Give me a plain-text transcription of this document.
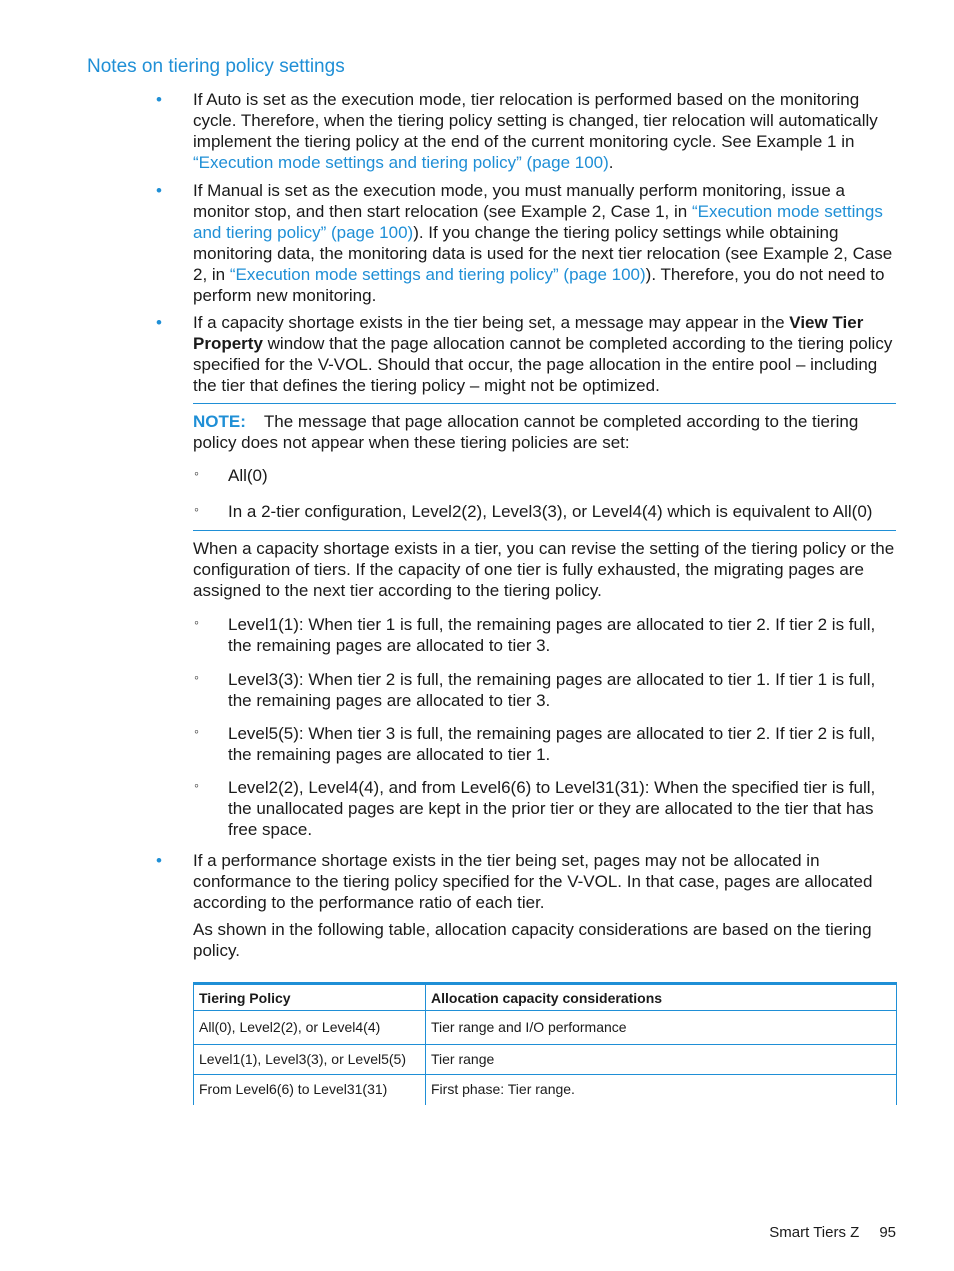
Notes on tiering policy settings
• If Auto is set as the execution mode, tier relocation is performed based on the monitoring cycle. Therefore, when the tiering policy setting is changed, tier relocation will automatically implement the tiering policy at the end of the current monitoring cycle. See Example 1 in “Execution mode settings and tiering policy” (page 100).

• If Manual is set as the execution mode, you must manually perform monitoring, issue a monitor stop, and then start relocation (see Example 2, Case 1, in “Execution mode settings and tiering policy” (page 100)). If you change the tiering policy settings while obtaining monitoring data, the monitoring data is used for the next tier relocation (see Example 2, Case 2, in “Execution mode settings and tiering policy” (page 100)). Therefore, you do not need to perform new monitoring.

• If a capacity shortage exists in the tier being set, a message may appear in the View Tier Property window that the page allocation cannot be completed according to the tiering policy specified for the V-VOL. Should that occur, the page allocation in the entire pool – including the tier that defines the tiering policy – might not be optimized.

NOTE: The message that page allocation cannot be completed according to the tiering policy does not appear when these tiering policies are set:

◦ All(0)
◦ In a 2-tier configuration, Level2(2), Level3(3), or Level4(4) which is equivalent to All(0)

When a capacity shortage exists in a tier, you can revise the setting of the tiering policy or the configuration of tiers. If the capacity of one tier is fully exhausted, the migrating pages are assigned to the next tier according to the tiering policy.

◦ Level1(1): When tier 1 is full, the remaining pages are allocated to tier 2. If tier 2 is full, the remaining pages are allocated to tier 3.
◦ Level3(3): When tier 2 is full, the remaining pages are allocated to tier 1. If tier 1 is full, the remaining pages are allocated to tier 3.
◦ Level5(5): When tier 3 is full, the remaining pages are allocated to tier 2. If tier 2 is full, the remaining pages are allocated to tier 1.
◦ Level2(2), Level4(4), and from Level6(6) to Level31(31): When the specified tier is full, the unallocated pages are kept in the prior tier or they are allocated to the tier that has free space.
• If a performance shortage exists in the tier being set, pages may not be allocated in conformance to the tiering policy specified for the V-VOL. In that case, pages are allocated according to the performance ratio of each tier.

As shown in the following table, allocation capacity considerations are based on the tiering policy.

Tiering Policy	Allocation capacity considerations
All(0), Level2(2), or Level4(4)	Tier range and I/O performance
Level1(1), Level3(3), or Level5(5)	Tier range
From Level6(6) to Level31(31)	First phase: Tier range.
Smart Tiers Z 95
